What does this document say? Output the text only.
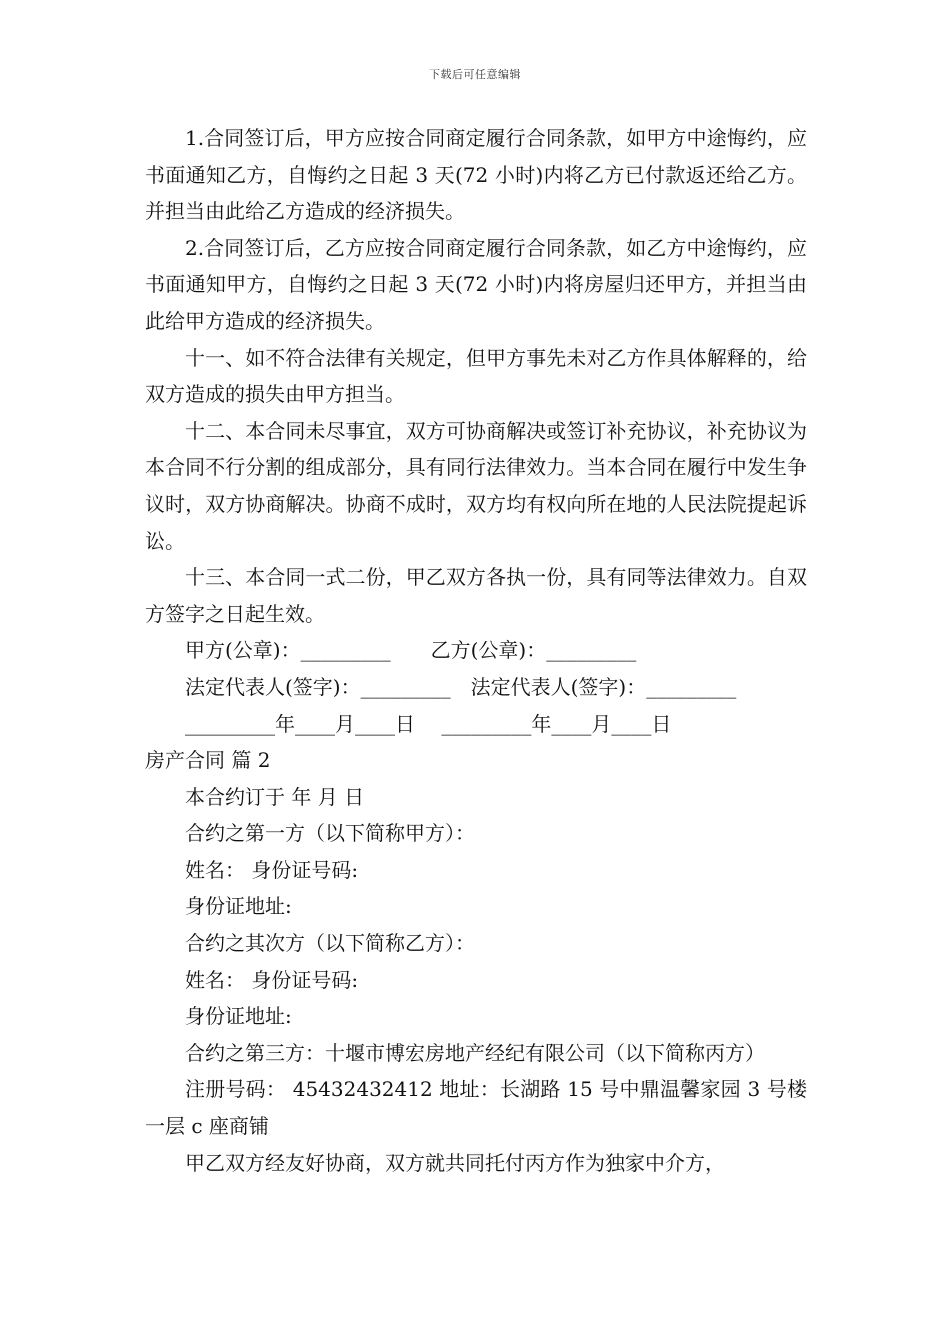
下载后可任意编辑

1.合同签订后，甲方应按合同商定履行合同条款，如甲方中途悔约，应书面通知乙方，自悔约之日起 3 天(72 小时)内将乙方已付款返还给乙方。并担当由此给乙方造成的经济损失。

2.合同签订后，乙方应按合同商定履行合同条款，如乙方中途悔约，应书面通知甲方，自悔约之日起 3 天(72 小时)内将房屋归还甲方，并担当由此给甲方造成的经济损失。

十一、如不符合法律有关规定，但甲方事先未对乙方作具体解释的，给双方造成的损失由甲方担当。

十二、本合同未尽事宜，双方可协商解决或签订补充协议，补充协议为本合同不行分割的组成部分，具有同行法律效力。当本合同在履行中发生争议时，双方协商解决。协商不成时，双方均有权向所在地的人民法院提起诉讼。

十三、本合同一式二份，甲乙双方各执一份，具有同等法律效力。自双方签字之日起生效。

甲方(公章)：_________　　乙方(公章)：_________

法定代表人(签字)：_________　法定代表人(签字)：_________

_________年____月____日　 _________年____月____日

房产合同 篇 2

本合约订于 年 月 日

合约之第一方（以下简称甲方）：

姓名： 身份证号码:

身份证地址:

合约之其次方（以下简称乙方）：

姓名： 身份证号码:

身份证地址:

合约之第三方：十堰市博宏房地产经纪有限公司（以下简称丙方）

注册号码： 45432432412 地址：长湖路 15 号中鼎温馨家园 3 号楼一层 c 座商铺

甲乙双方经友好协商，双方就共同托付丙方作为独家中介方，
